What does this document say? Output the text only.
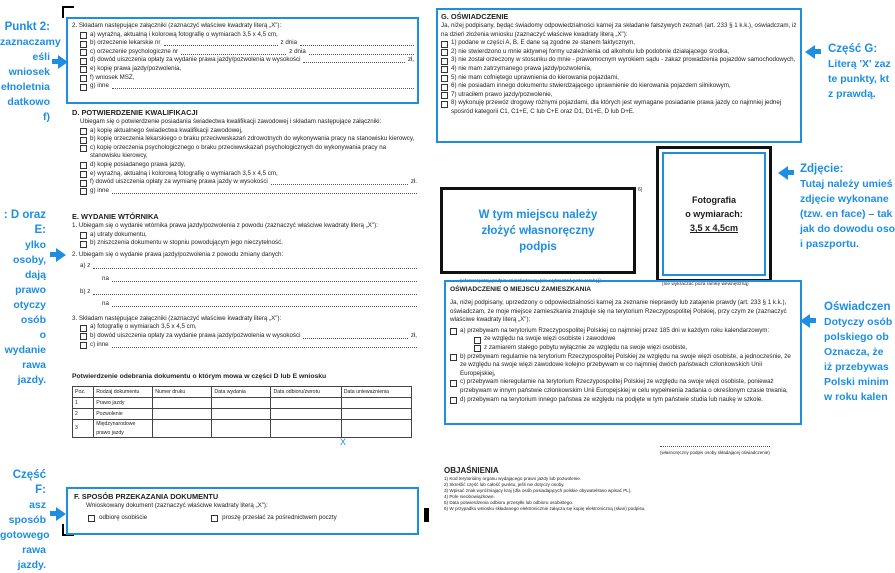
Punkt 2:
zaznaczamy
eśli wniosek
ełnoletnia
datkowo f)
: D oraz E:
ylko osoby,
dają prawo
otyczy osób
o wydanie
rawa jazdy.
Część F:
asz sposób
gotowego
rawa jazdy.
2. Składam następujące załączniki (zaznaczyć właściwe kwadraty literą „X"):
a) wyraźną, aktualną i kolorową fotografię o wymiarach 3,5 x 4,5 cm,
b) orzeczenie lekarskie nr	z dnia
c) orzeczenie psychologiczne nr	z dnia
d) dowód uiszczenia opłaty za wydanie prawa jazdy/pozwolenia w wysokości	zł,
e) kopię prawa jazdy/pozwolenia,
f) wniosek MSZ,
g) inne
D. POTWIERDZENIE KWALIFIKACJI
Ubiegam się o potwierdzenie posiadania świadectwa kwalifikacji zawodowej i składam następujące załączniki:
a) kopię aktualnego świadectwa kwalifikacji zawodowej,
b) kopię orzeczenia lekarskiego o braku przeciwwskazań zdrowotnych do wykonywania pracy na stanowisku kierowcy,
c) kopię orzeczenia psychologicznego o braku przeciwwskazań psychologicznych do wykonywania pracy na stanowisku kierowcy,
d) kopię posiadanego prawa jazdy,
e) wyraźną, aktualną i kolorową fotografię o wymiarach 3,5 x 4,5 cm,
f) dowód uiszczenia opłaty za wymianę prawa jazdy w wysokości	zł.
g) inne
E. WYDANIE WTÓRNIKA
1. Ubiegam się o wydanie wtórnika prawa jazdy/pozwolenia z powodu (zaznaczyć właściwe kwadraty literą „X"):
a) utraty dokumentu,
b) zniszczenia dokumentu w stopniu powodującym jego nieczytelność.
2. Ubiegam się o wydanie prawa jazdy/pozwolenia z powodu zmiany danych:
a) z
na
b) z
na
3. Składam następujące załączniki (zaznaczyć właściwe kwadraty literą „X"):
a) fotografię o wymiarach 3,5 x 4,5 cm,
b) dowód uiszczenia opłaty za wydanie prawa jazdy/pozwolenia w wysokości	zł,
c) inne
Potwierdzenie odebrania dokumentu o którym mowa w części D lub E wniosku
Poz.	Rodzaj dokumentu	Numer druku	Data wydania	Data odbioru/zwrotu	Data unieważnienia
1	Prawo jazdy				
2	Pozwolenie				
3	Międzynarodowe prawo jazdy				
X
F. SPOSÓB PRZEKAZANIA DOKUMENTU
Wnioskowany dokument (zaznaczyć właściwe kwadraty literą „X"):
odbiorę osobiście	proszę przesłać za pośrednictwem poczty
G. OŚWIADCZENIE
Ja, niżej podpisany, będąc świadomy odpowiedzialności karnej za składanie fałszywych zeznań (art. 233 § 1 k.k.), oświadczam, iż na dzień złożenia wniosku (zaznaczyć właściwe kwadraty literą „X"):
1) podane w części A, B, E dane są zgodne ze stanem faktycznym,
2) nie stwierdzono u mnie aktywnej formy uzależnienia od alkoholu lub podobnie działającego środka,
3) nie został orzeczony w stosunku do mnie - prawomocnym wyrokiem sądu - zakaz prowadzenia pojazdów samochodowych,
4) nie mam zatrzymanego prawa jazdy/pozwolenia,
5) nie mam cofniętego uprawnienia do kierowania pojazdami,
6) nie posiadam innego dokumentu stwierdzającego uprawnienie do kierowania pojazdem silnikowym,
7) utraciłem prawo jazdy/pozwolenie,
8) wykonuję przewóz drogowy różnymi pojazdami, dla których jest wymagane posiadanie prawa jazdy co najmniej jednej spośród kategorii C1, C1+E, C lub C+E oraz D1, D1+E, D lub D+E.
Część G:
Literą 'X' zaz
te punkty, kt
z prawdą.
W tym miejscu należy złożyć własnoręczny podpis
6)
(własnoręczny podpis wnioskodawcy (nie wykraczać poza ramkę))
Fotografia
o wymiarach:
3,5 x 4,5cm
(nie wykraczać poza ramkę wewnętrzną)
Zdjęcie:
Tutaj należy umieś
zdjęcie wykonane
(tzw. en face) – tak
jak do dowodu oso
i paszportu.
OŚWIADCZENIE O MIEJSCU ZAMIESZKANIA
Ja, niżej podpisany, uprzedzony o odpowiedzialności karnej za zeznanie nieprawdy lub zatajenie prawdy (art. 233 § 1 k.k.), oświadczam, że moje miejsce zamieszkania znajduje się na terytorium Rzeczypospolitej Polskiej, przy czym ze (zaznaczyć właściwe kwadraty literą „X"):
a) przebywam na terytorium Rzeczypospolitej Polskiej co najmniej przez 185 dni w każdym roku kalendarzowym:
ze względu na swoje więzi osobiste i zawodowe
z zamiarem stałego pobytu wyłącznie ze względu na swoje więzi osobiste,
b) przebywam regularnie na terytorium Rzeczypospolitej Polskiej ze względu na swoje więzi osobiste, a jednocześnie, że ze względu na swoje więzi zawodowe kolejno przebywam w co najmniej dwóch państwach członkowskich Unii Europejskiej,
c) przebywam nieregularnie na terytorium Rzeczypospolitej Polskiej ze względu na swoje więzi osobiste, ponieważ przebywam w innym państwie członkowskim Unii Europejskiej w celu wypełnienia zadania o określonym czasie trwania,
d) przebywam na terytorium innego państwa ze względu na podjęte w tym państwie studia lub naukę w szkole.
(własnoręczny podpis osoby składającej oświadczenie)
Oświadczen
Dotyczy osób
polskiego ob
Oznacza, że
iż przebywas
Polski minim
w roku kalen
OBJAŚNIENIA
1) Kod terytorialny organu wydającego prawo jazdy lub pozwolenie.
2) Skreślić część lub całość punktu, jeśli nie dotyczy osoby.
3) Wpisać znak wyróżniający kraj (dla osób posiadających polskie obywatelstwo wpisać PL).
4) Pole nieobowiązkowe.
5) Data potwierdzenia odbioru przesyłki lub odbioru osobistego.
6) W przypadku wniosku składanego elektronicznie załącza się kopię elektroniczną (skan) podpisu.
